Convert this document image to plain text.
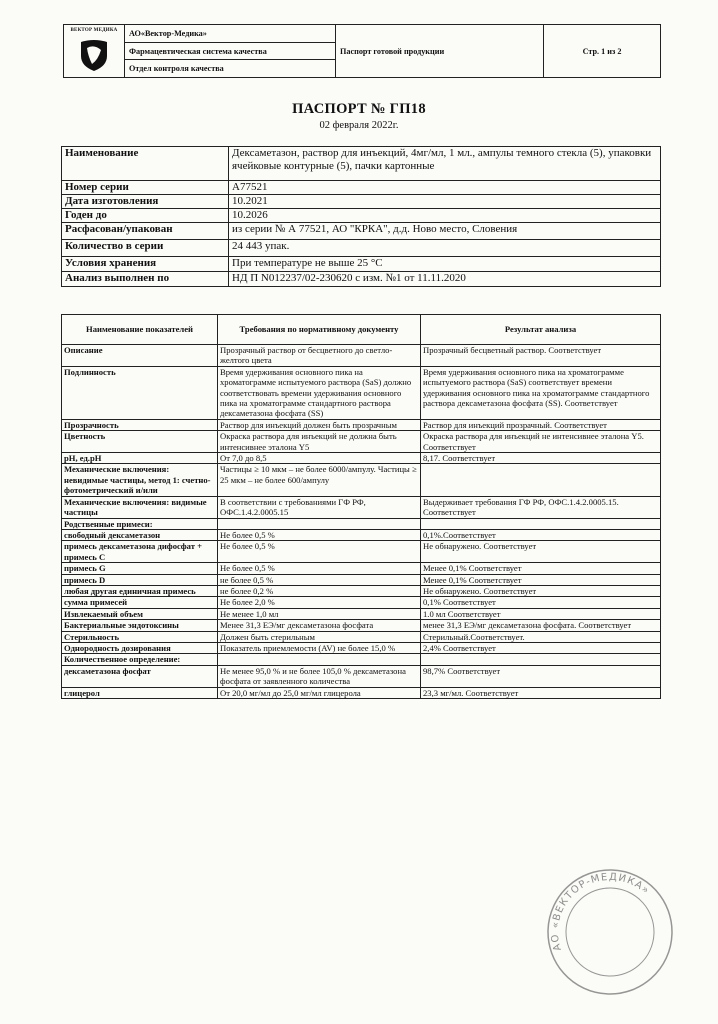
ВЕКТОР МЕДИКА	АО«Вектор-Медика»
Фармацевтическая система качества
Отдел контроля качества
Паспорт готовой продукции	Стр. 1 из 2
ПАСПОРТ № ГП18
02 февраля 2022г.
Наименование	Дексаметазон, раствор для инъекций, 4мг/мл, 1 мл., ампулы темного стекла (5), упаковки ячейковые контурные (5), пачки картонные
Номер серии	А77521
Дата изготовления	10.2021
Годен до	10.2026
Расфасован/упакован	из серии № А 77521, АО "КРКА", д.д. Ново место, Словения
Количество в серии	24 443 упак.
Условия хранения	При температуре не выше 25 °С
Анализ выполнен по	НД П N012237/02-230620 с изм. №1 от 11.11.2020
Наименование показателей	Требования по нормативному документу	Результат анализа
Описание	Прозрачный раствор от бесцветного до светло-желтого цвета	Прозрачный бесцветный раствор. Соответствует
Подлинность	Время удерживания основного пика на хроматограмме испытуемого раствора (SaS) должно соответствовать времени удерживания основного пика на хроматограмме стандартного раствора дексаметазона фосфата (SS)	Время удерживания основного пика на хроматограмме испытуемого раствора (SaS) соответствует времени удерживания основного пика на хроматограмме стандартного раствора дексаметазона фосфата (SS). Соответствует
Прозрачность	Раствор для инъекций должен быть прозрачным	Раствор для инъекций прозрачный. Соответствует
Цветность	Окраска раствора для инъекций не должна быть интенсивнее эталона Y5	Окраска раствора для инъекций не интенсивнее эталона Y5. Соответствует
pH, ед.pH	От 7,0 до 8,5	8,17. Соответствует
Механические включения: невидимые частицы, метод 1: счетно-фотометрический и/или	Частицы ≥ 10 мкм – не более 6000/ампулу. Частицы ≥ 25 мкм – не более 600/ампулу	
Механические включения: видимые частицы	В соответствии с требованиями ГФ РФ, ОФС.1.4.2.0005.15	Выдерживает требования ГФ РФ, ОФС.1.4.2.0005.15. Соответствует
Родственные примеси:		
свободный дексаметазон	Не более 0,5 %	0,1%.Соответствует
примесь дексаметазона дифосфат + примесь С	Не более 0,5 %	Не обнаружено. Соответствует
примесь G	Не более 0,5 %	Менее 0,1% Соответствует
примесь D	не более 0,5 %	Менее 0,1% Соответствует
любая другая единичная примесь	не более 0,2 %	Не обнаружено. Соответствует
сумма примесей	Не более 2,0 %	0,1% Соответствует
Извлекаемый объем	Не менее 1,0 мл	1.0 мл Соответствует
Бактериальные эндотоксины	Менее 31,3 ЕЭ/мг дексаметазона фосфата	менее 31,3 ЕЭ/мг дексаметазона фосфата. Соответствует
Стерильность	Должен быть стерильным	Стерильный.Соответствует.
Однородность дозирования	Показатель приемлемости (AV) не более 15,0 %	2,4% Соответствует
Количественное определение:		
дексаметазона фосфат	Не менее 95,0 % и не более 105,0 % дексаметазона фосфата от заявленного количества	98,7% Соответствует
глицерол	От 20,0 мг/мл до 25,0 мг/мл глицерола	23,3 мг/мл. Соответствует
АО «ВЕКТОР-МЕДИКА»
